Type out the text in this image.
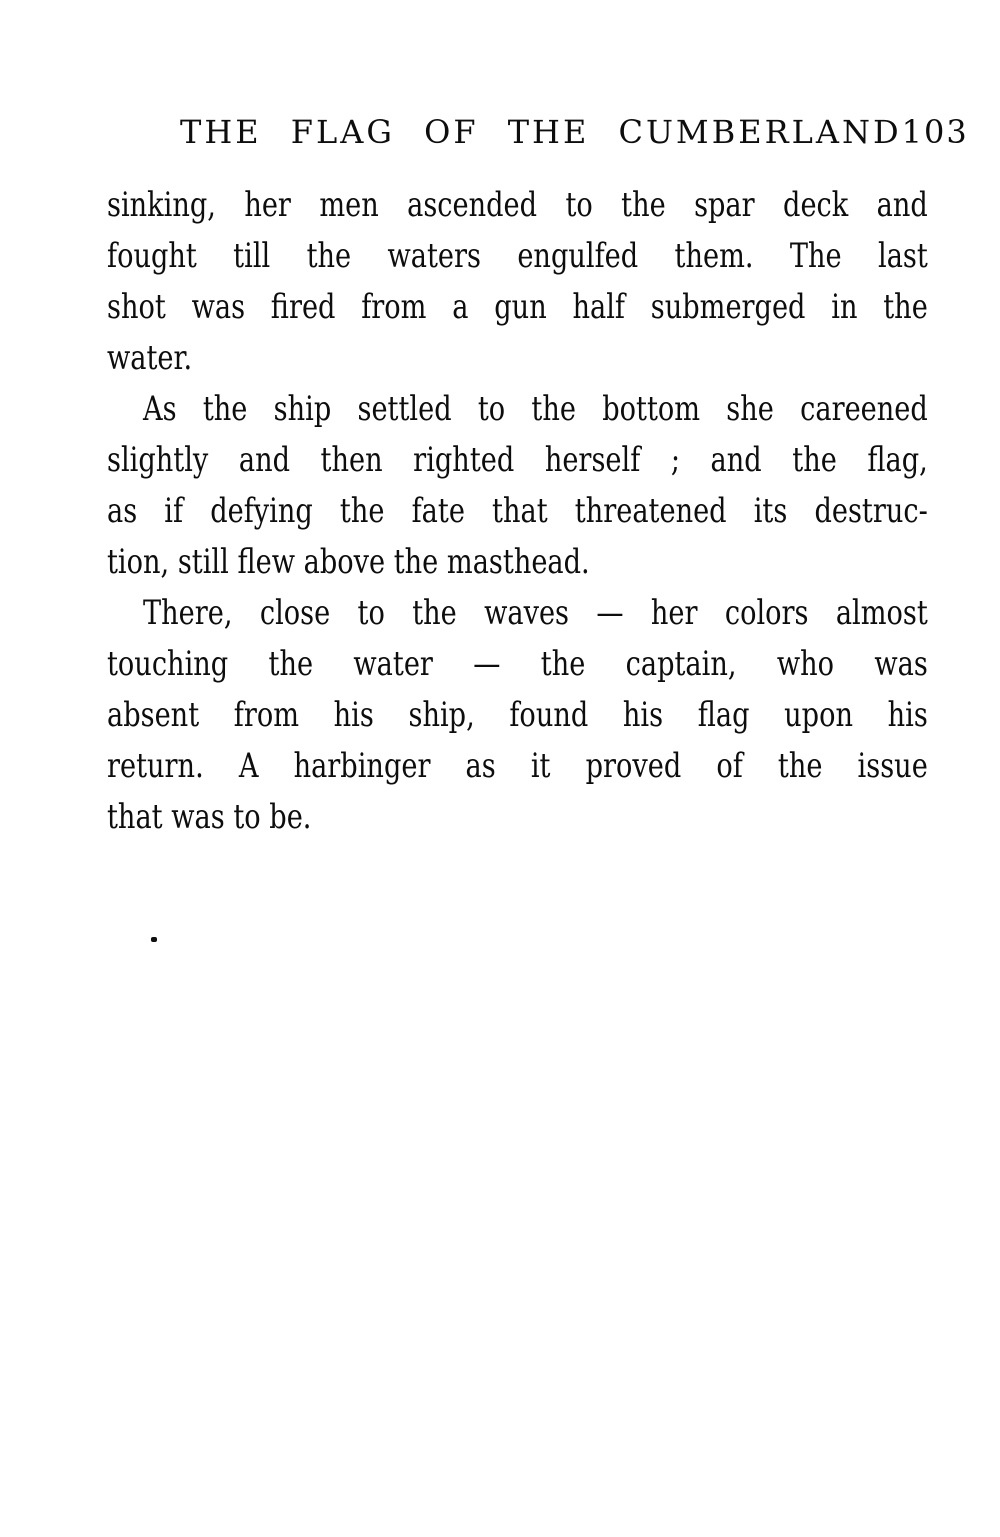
THE FLAG OF THE CUMBERLAND 103
sinking, her men ascended to the spar deck and
fought till the waters engulfed them. The last
shot was fired from a gun half submerged in the
water.
As the ship settled to the bottom she careened
slightly and then righted herself ; and the flag,
as if defying the fate that threatened its destruc-
tion, still flew above the masthead.
There, close to the waves — her colors almost
touching the water — the captain, who was
absent from his ship, found his flag upon his
return. A harbinger as it proved of the issue
that was to be.
